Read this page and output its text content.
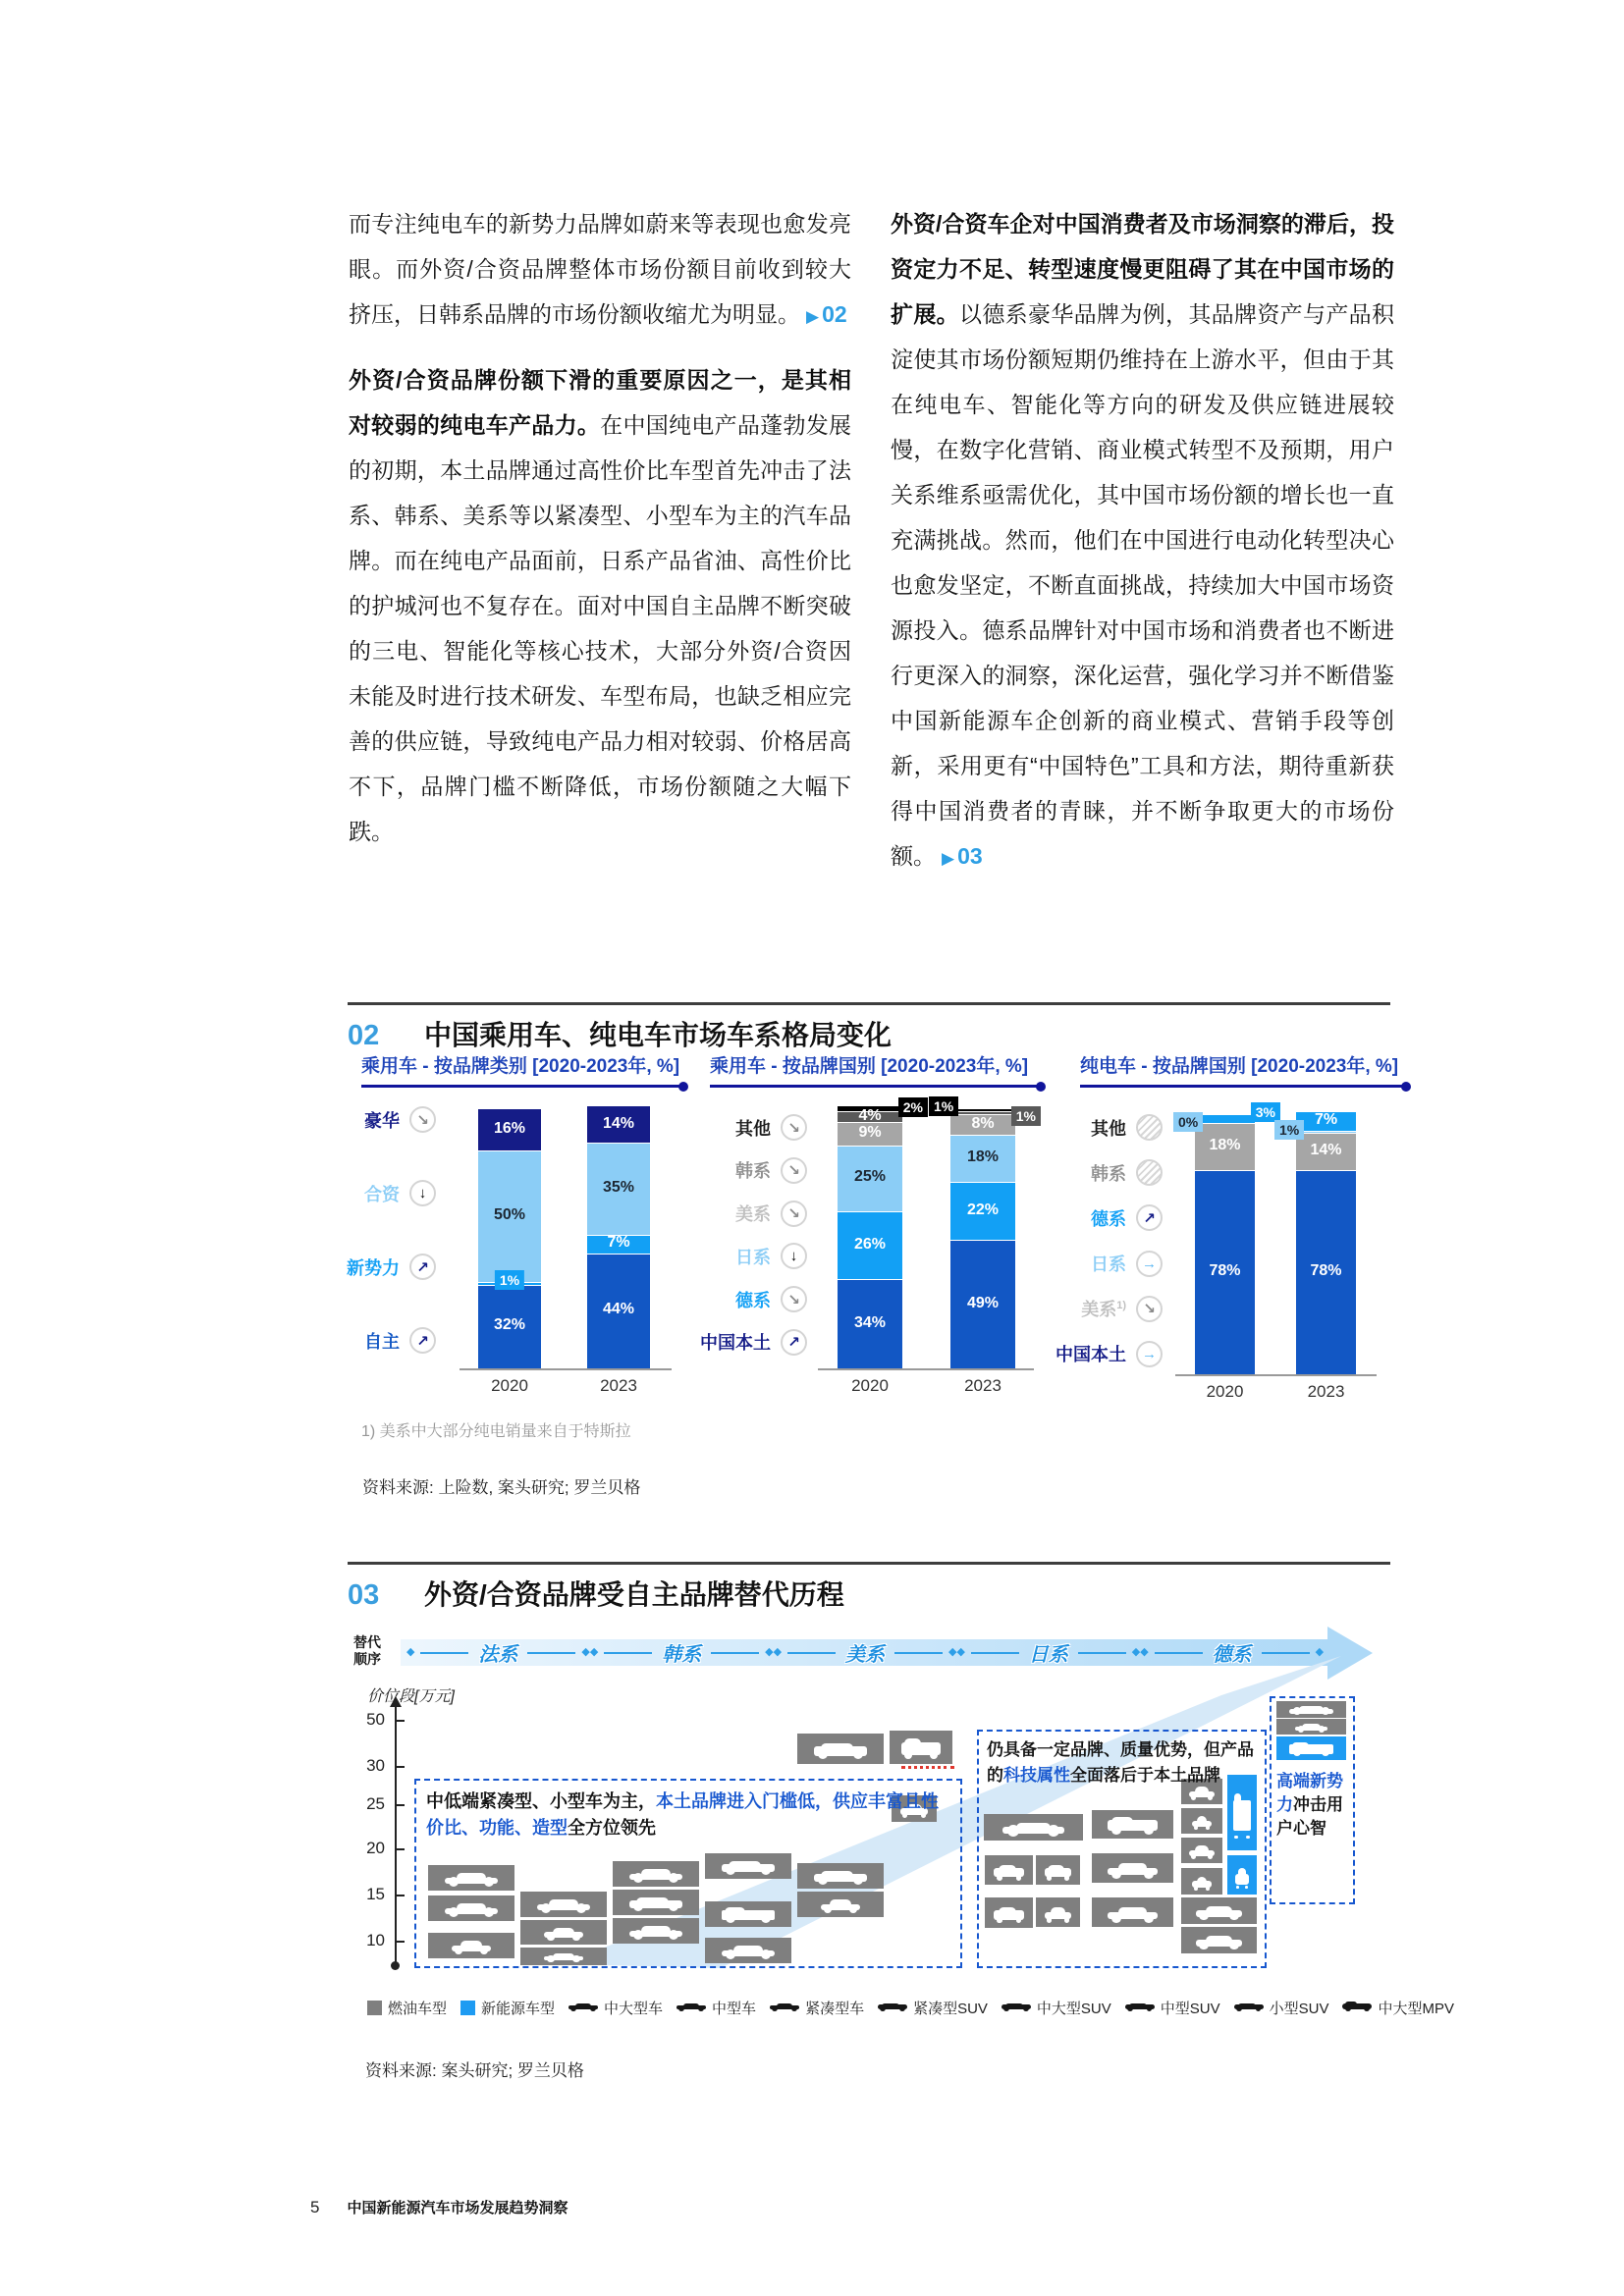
而专注纯电车的新势力品牌如蔚来等表现也愈发亮眼。而外资/合资品牌整体市场份额目前收到较大挤压，日韩系品牌的市场份额收缩尤为明显。 ▶ 02

外资/合资品牌份额下滑的重要原因之一，是其相对较弱的纯电车产品力。在中国纯电产品蓬勃发展的初期，本土品牌通过高性价比车型首先冲击了法系、韩系、美系等以紧凑型、小型车为主的汽车品牌。而在纯电产品面前，日系产品省油、高性价比的护城河也不复存在。面对中国自主品牌不断突破的三电、智能化等核心技术，大部分外资/合资因未能及时进行技术研发、车型布局，也缺乏相应完善的供应链，导致纯电产品力相对较弱、价格居高不下，品牌门槛不断降低，市场份额随之大幅下跌。

外资/合资车企对中国消费者及市场洞察的滞后，投资定力不足、转型速度慢更阻碍了其在中国市场的扩展。以德系豪华品牌为例，其品牌资产与产品积淀使其市场份额短期仍维持在上游水平，但由于其在纯电车、智能化等方向的研发及供应链进展较慢，在数字化营销、商业模式转型不及预期，用户关系维系亟需优化，其中国市场份额的增长也一直充满挑战。然而，他们在中国进行电动化转型决心也愈发坚定，不断直面挑战，持续加大中国市场资源投入。德系品牌针对中国市场和消费者也不断进行更深入的洞察，深化运营，强化学习并不断借鉴中国新能源车企创新的商业模式、营销手段等创新，采用更有“中国特色”工具和方法，期待重新获得中国消费者的青睐，并不断争取更大的市场份额。 ▶ 03

02	中国乘用车、纯电车市场车系格局变化
1) 美系中大部分纯电销量来自于特斯拉
资料来源: 上险数, 案头研究; 罗兰贝格
乘用车 - 按品牌类别 [2020-2023年, %]
豪华	↘
合资	↓
新势力	↗
自主	↗
16%
50%
1%
32%
2020
14%
35%
7%
44%
2023
乘用车 - 按品牌国别 [2020-2023年, %]
其他	↘
韩系	↘
美系	↘
日系	↓
德系	↘
中国本土	↗
2%
4%
9%
25%
26%
34%
2020
1%
1%
8%
18%
22%
49%
2023
纯电车 - 按品牌国别 [2020-2023年, %]
其他
韩系
德系	↗
日系	→
美系$^{1)}$	↘
中国本土	→
3%
0%
18%
78%
2020
7%
1%
14%
78%
2023
03	外资/合资品牌受自主品牌替代历程
替代
顺序 ◆	法系	◆ ◆	韩系	◆ ◆	美系	◆ ◆	日系	◆ ◆	德系	◆
价位段[万元]
中低端紧凑型、小型车为主，本土品牌进入门槛低，供应丰富且性价比、功能、造型全方位领先
仍具备一定品牌、质量优势，但产品的科技属性全面落后于本土品牌	高端新势力冲击用户心智
燃油车型 新能源车型	中大型车	中型车	紧凑型车	紧凑型SUV	中大型SUV	中型SUV	小型SUV	中大型MPV
资料来源: 案头研究; 罗兰贝格
50
30
25
20
15
10
5 中国新能源汽车市场发展趋势洞察
